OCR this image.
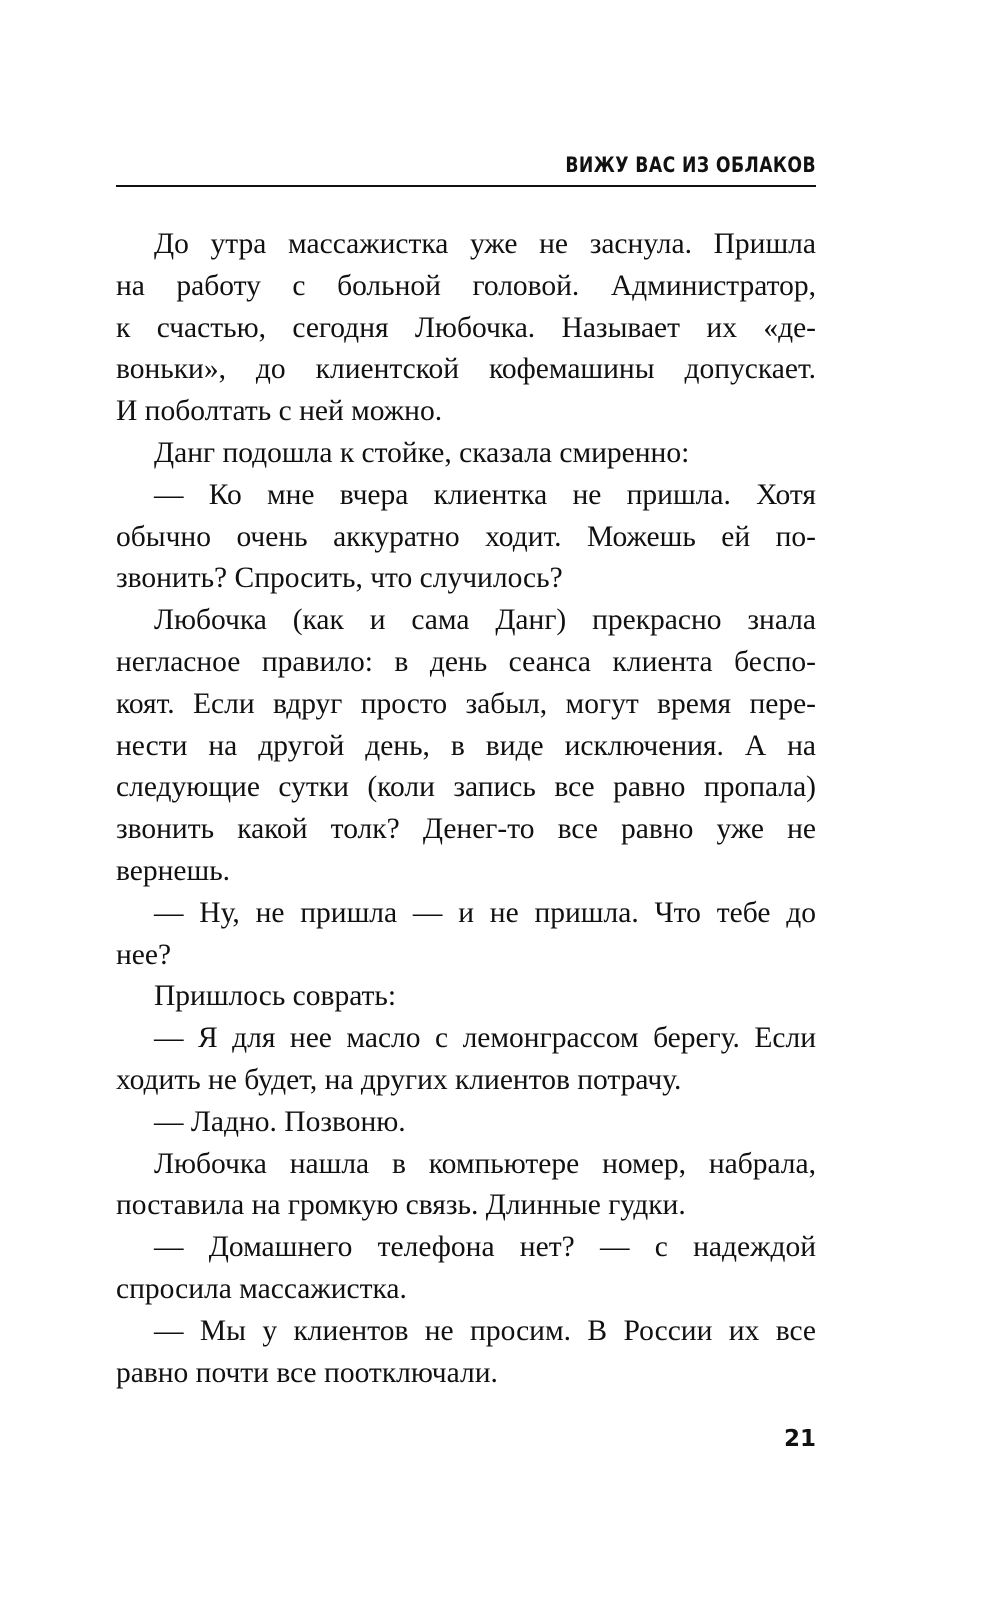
ВИЖУ ВАС ИЗ ОБЛАКОВ
До утра массажистка уже не заснула. Пришла
на работу с больной головой. Администратор,
к счастью, сегодня Любочка. Называет их «де-
воньки», до клиентской кофемашины допускает.
И поболтать с ней можно.
Данг подошла к стойке, сказала смиренно:
— Ко мне вчера клиентка не пришла. Хотя
обычно очень аккуратно ходит. Можешь ей по-
звонить? Спросить, что случилось?
Любочка (как и сама Данг) прекрасно знала
негласное правило: в день сеанса клиента беспо-
коят. Если вдруг просто забыл, могут время пере-
нести на другой день, в виде исключения. А на
следующие сутки (коли запись все равно пропала)
звонить какой толк? Денег-то все равно уже не
вернешь.
— Ну, не пришла — и не пришла. Что тебе до
нее?
Пришлось соврать:
— Я для нее масло с лемонграссом берегу. Если
ходить не будет, на других клиентов потрачу.
— Ладно. Позвоню.
Любочка нашла в компьютере номер, набрала,
поставила на громкую связь. Длинные гудки.
— Домашнего телефона нет? — с надеждой
спросила массажистка.
— Мы у клиентов не просим. В России их все
равно почти все поотключали.
21
